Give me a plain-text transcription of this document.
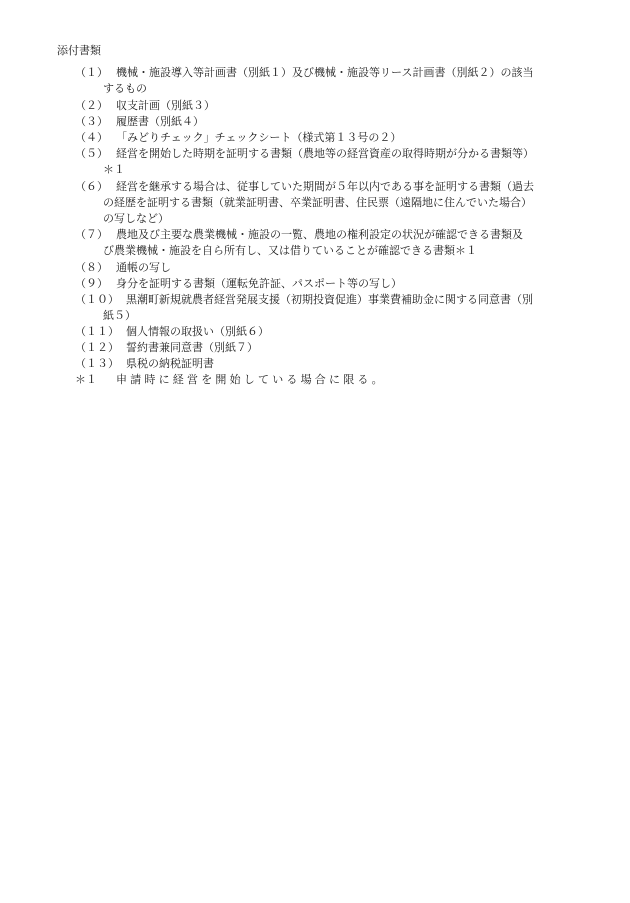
添付書類
（１） 機械・施設導入等計画書（別紙１）及び機械・施設等リース計画書（別紙２）の該当
するもの
（２） 収支計画（別紙３）
（３） 履歴書（別紙４）
（４） 「みどりチェック」チェックシート（様式第１３号の２）
（５） 経営を開始した時期を証明する書類（農地等の経営資産の取得時期が分かる書類等）
＊１
（６） 経営を継承する場合は、従事していた期間が５年以内である事を証明する書類（過去
の経歴を証明する書類（就業証明書、卒業証明書、住民票（遠隔地に住んでいた場合）
の写しなど）
（７） 農地及び主要な農業機械・施設の一覧、農地の権利設定の状況が確認できる書類及
び農業機械・施設を自ら所有し、又は借りていることが確認できる書類＊１
（８） 通帳の写し
（９） 身分を証明する書類（運転免許証、パスポート等の写し）
（１０） 黒潮町新規就農者経営発展支援（初期投資促進）事業費補助金に関する同意書（別
紙５）
（１１） 個人情報の取扱い（別紙６）
（１２） 誓約書兼同意書（別紙７）
（１３） 県税の納税証明書
＊１ 申請時に経営を開始している場合に限る。
